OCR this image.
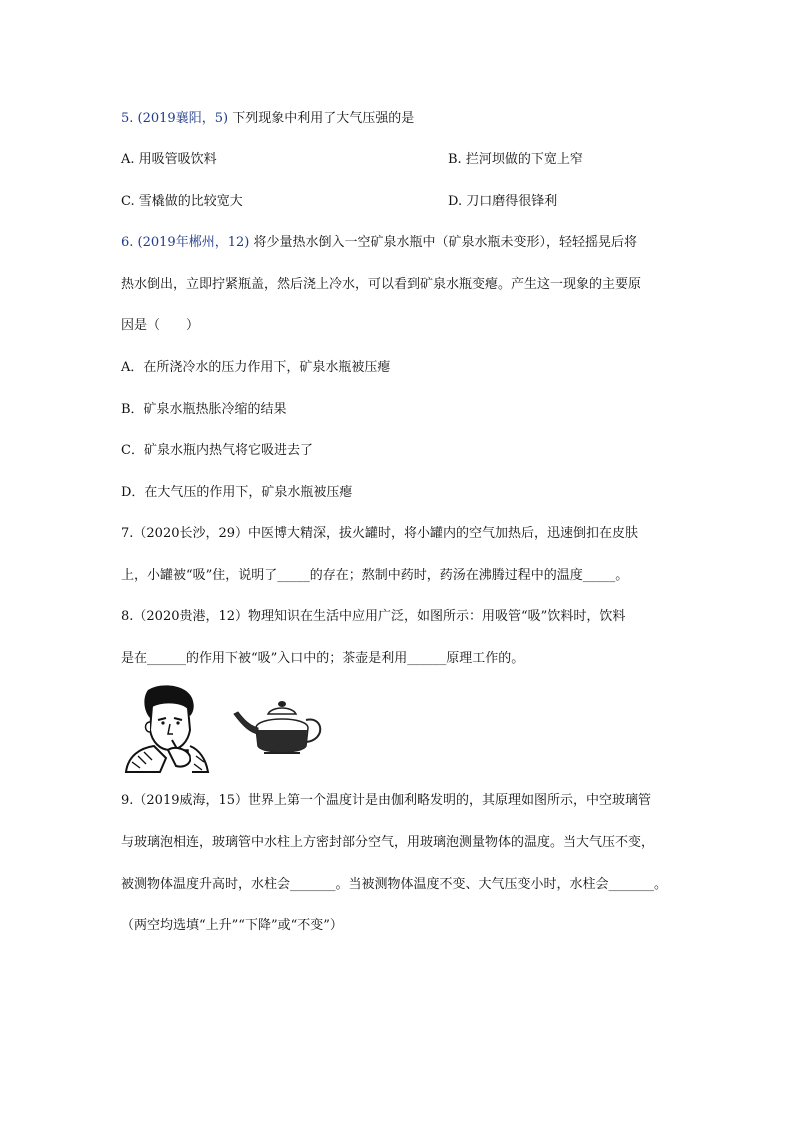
5. (2019襄阳，5) 下列现象中利用了大气压强的是
A. 用吸管吸饮料	B. 拦河坝做的下宽上窄
C. 雪橇做的比较宽大	D. 刀口磨得很锋利
6. (2019年郴州，12) 将少量热水倒入一空矿泉水瓶中（矿泉水瓶未变形），轻轻摇晃后将
热水倒出，立即拧紧瓶盖，然后浇上冷水，可以看到矿泉水瓶变瘪。产生这一现象的主要原
因是（　　）
A．在所浇冷水的压力作用下，矿泉水瓶被压瘪
B．矿泉水瓶热胀冷缩的结果
C．矿泉水瓶内热气将它吸进去了
D．在大气压的作用下，矿泉水瓶被压瘪
7.（2020长沙，29）中医博大精深，拔火罐时，将小罐内的空气加热后，迅速倒扣在皮肤
上，小罐被“吸”住，说明了_____的存在；熬制中药时，药汤在沸腾过程中的温度_____。
8.（2020贵港，12）物理知识在生活中应用广泛，如图所示：用吸管“吸”饮料时，饮料
是在______的作用下被“吸”入口中的；茶壶是利用______原理工作的。
9.（2019威海，15）世界上第一个温度计是由伽利略发明的，其原理如图所示，中空玻璃管
与玻璃泡相连，玻璃管中水柱上方密封部分空气，用玻璃泡测量物体的温度。当大气压不变，
被测物体温度升高时，水柱会_______。当被测物体温度不变、大气压变小时，水柱会_______。
（两空均选填“上升”“下降”或“不变”）
